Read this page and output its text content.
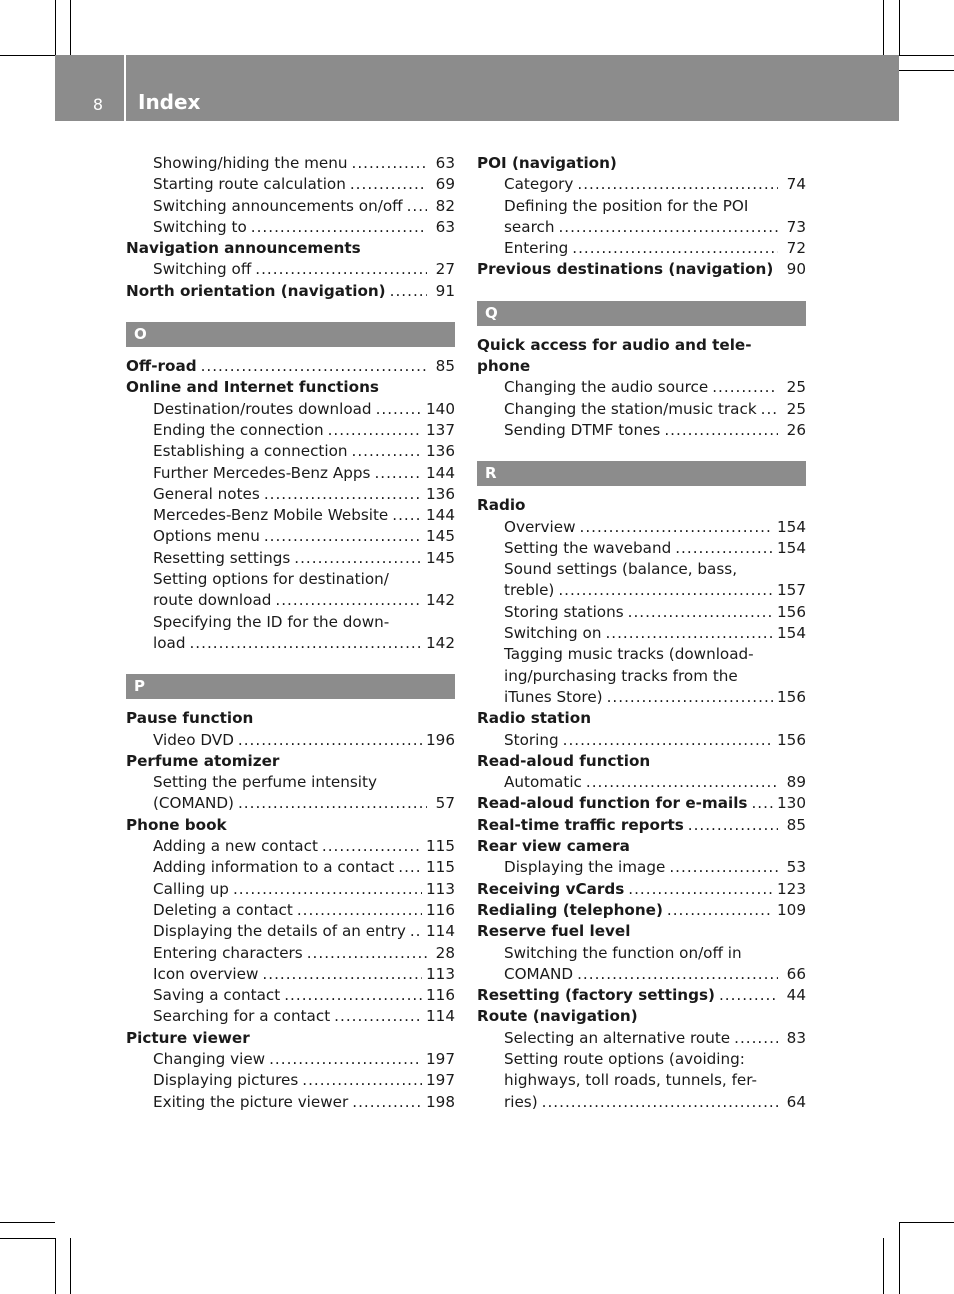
8 Index
Showing/hiding the menu .....	63
Starting route calculation .....	69
Switching announcements on/off .....	82
Switching to .....	63
Navigation announcements
Switching off .....	27
North orientation (navigation) .....	91
O
Off-road .....	85
Online and Internet functions
Destination/routes download .....	140
Ending the connection .....	137
Establishing a connection .....	136
Further Mercedes-Benz Apps .....	144
General notes .....	136
Mercedes-Benz Mobile Website ..... 144
Options menu .....	145
Resetting settings .....	145
Setting options for destination/
route download .....	142
Specifying the ID for the down-
load .....	142
P
Pause function
Video DVD .....	196
Perfume atomizer
Setting the perfume intensity
(COMAND) .....	57
Phone book
Adding a new contact .....	115
Adding information to a contact ..... 115
Calling up .....	113
Deleting a contact .....	116
Displaying the details of an entry ..... 114
Entering characters .....	28
Icon overview .....	113
Saving a contact .....	116
Searching for a contact .....	114
Picture viewer
Changing view .....	197
Displaying pictures .....	197
Exiting the picture viewer .....	198
POI (navigation)
Category .....	74
Defining the position for the POI
search .....	73
Entering .....	72
Previous destinations (navigation) ..... 90
Q
Quick access for audio and tele-
phone
Changing the audio source .....	25
Changing the station/music track .....	25
Sending DTMF tones .....	26
R
Radio
Overview .....	154
Setting the waveband .....	154
Sound settings (balance, bass,
treble) .....	157
Storing stations .....	156
Switching on .....	154
Tagging music tracks (download-
ing/purchasing tracks from the
iTunes Store) .....	156
Radio station
Storing .....	156
Read-aloud function
Automatic .....	89
Read-aloud function for e-mails ..... 130
Real-time traffic reports .....	85
Rear view camera
Displaying the image .....	53
Receiving vCards .....	123
Redialing (telephone) .....	109
Reserve fuel level
Switching the function on/off in
COMAND .....	66
Resetting (factory settings) .....	44
Route (navigation)
Selecting an alternative route .....	83
Setting route options (avoiding:
highways, toll roads, tunnels, fer-
ries) .....	64
